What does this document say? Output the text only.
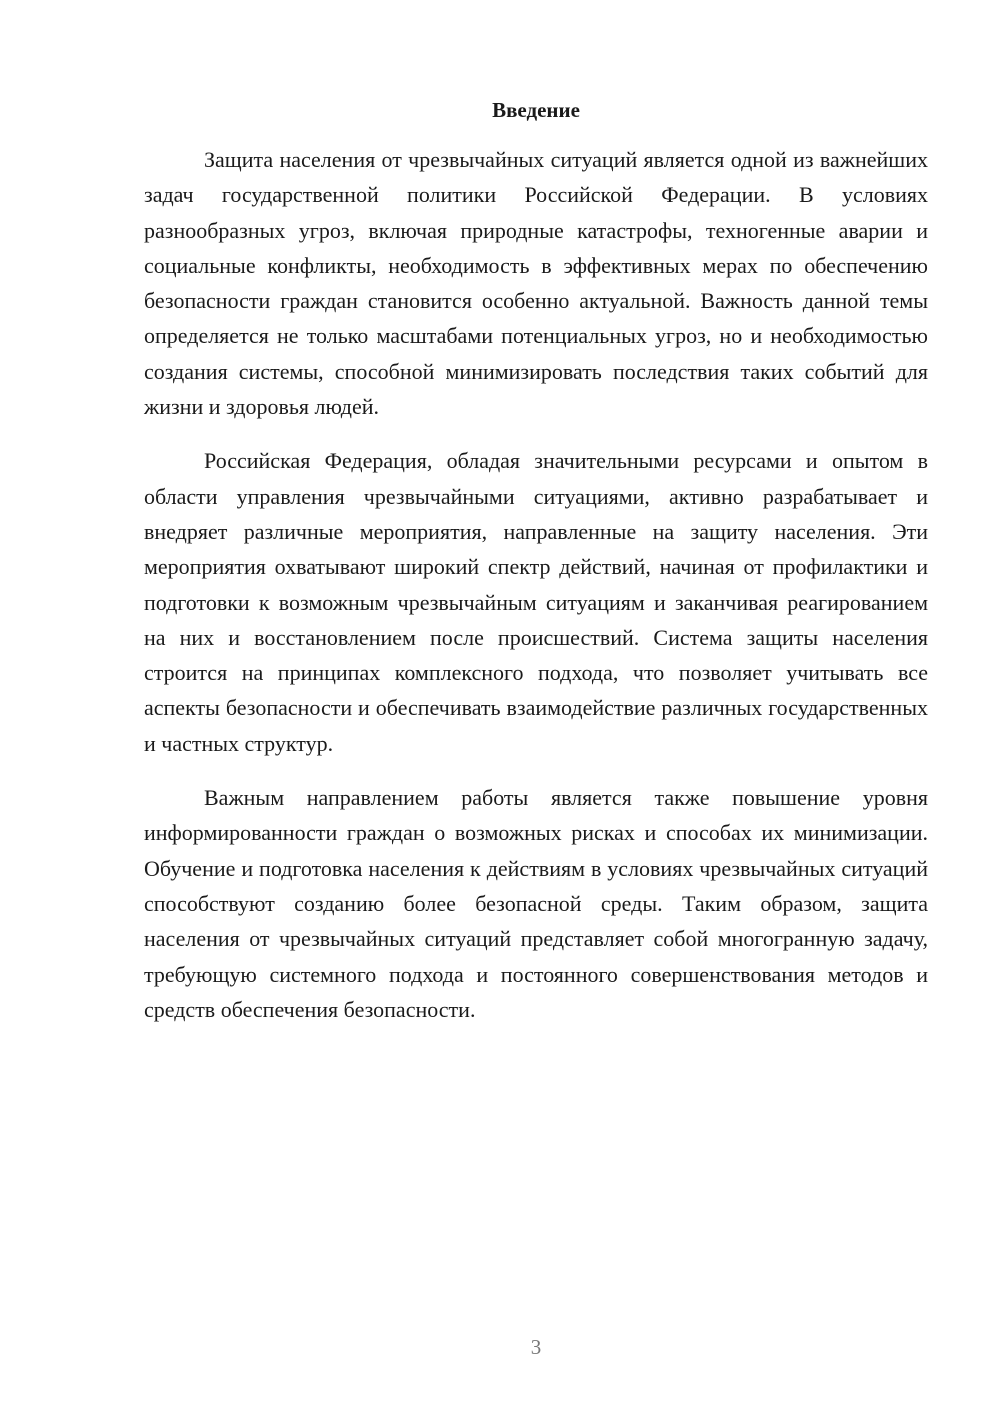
Введение

Защита населения от чрезвычайных ситуаций является одной из важнейших задач государственной политики Российской Федерации. В условиях разнообразных угроз, включая природные катастрофы, техногенные аварии и социальные конфликты, необходимость в эффективных мерах по обеспечению безопасности граждан становится особенно актуальной. Важность данной темы определяется не только масштабами потенциальных угроз, но и необходимостью создания системы, способной минимизировать последствия таких событий для жизни и здоровья людей.

Российская Федерация, обладая значительными ресурсами и опытом в области управления чрезвычайными ситуациями, активно разрабатывает и внедряет различные мероприятия, направленные на защиту населения. Эти мероприятия охватывают широкий спектр действий, начиная от профилактики и подготовки к возможным чрезвычайным ситуациям и заканчивая реагированием на них и восстановлением после происшествий. Система защиты населения строится на принципах комплексного подхода, что позволяет учитывать все аспекты безопасности и обеспечивать взаимодействие различных государственных и частных структур.

Важным направлением работы является также повышение уровня информированности граждан о возможных рисках и способах их минимизации. Обучение и подготовка населения к действиям в условиях чрезвычайных ситуаций способствуют созданию более безопасной среды. Таким образом, защита населения от чрезвычайных ситуаций представляет собой многогранную задачу, требующую системного подхода и постоянного совершенствования методов и средств обеспечения безопасности.

3
